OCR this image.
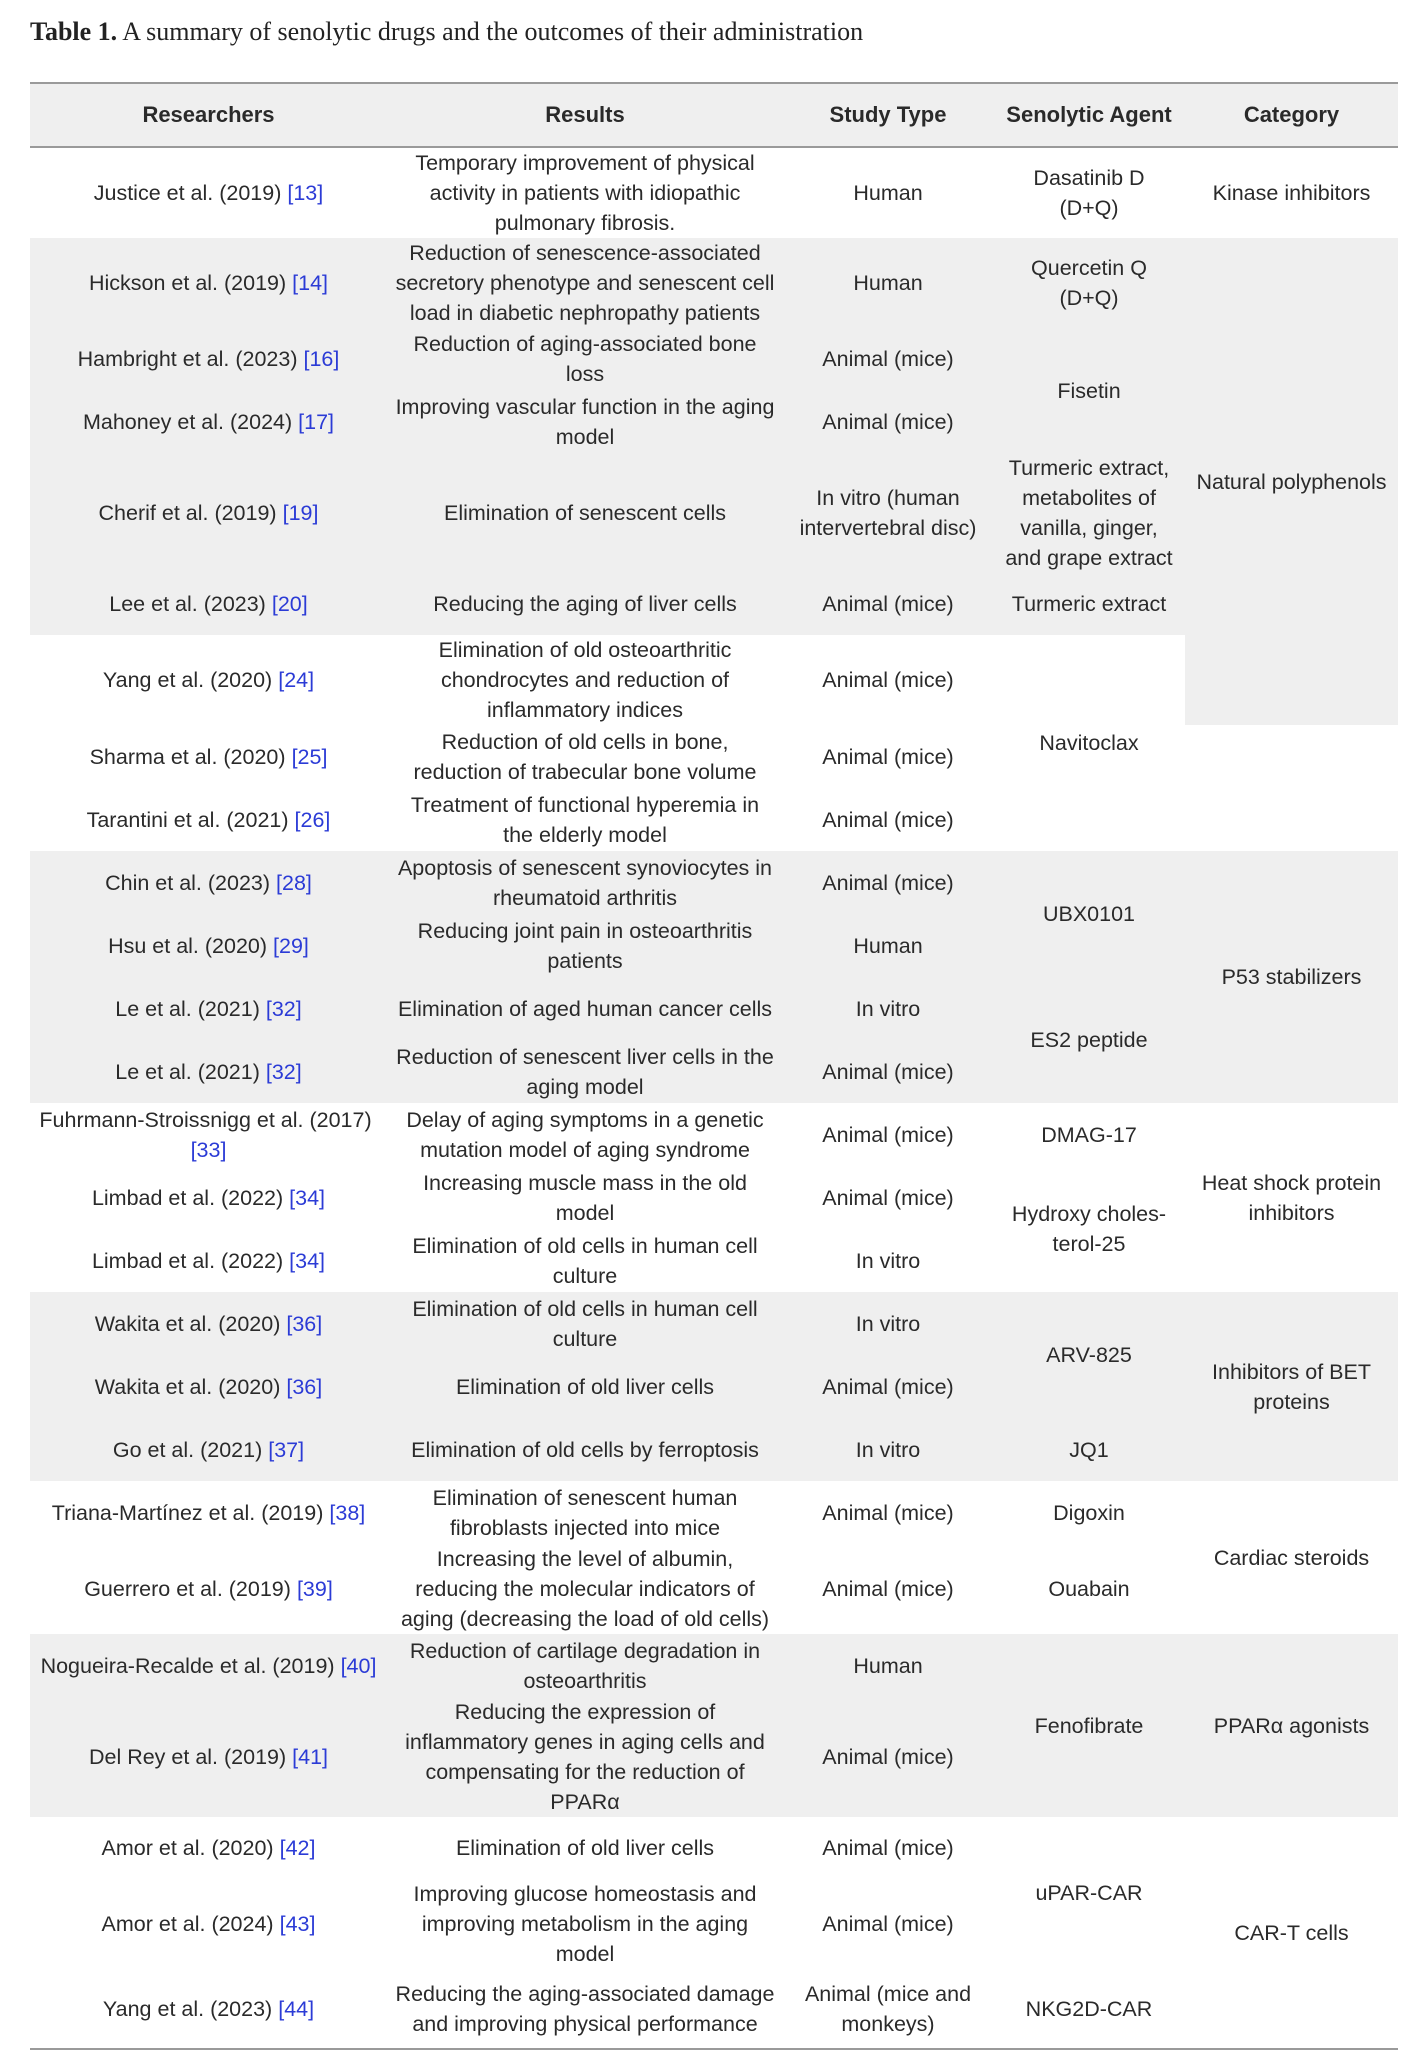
Table 1. A summary of senolytic drugs and the outcomes of their administration
Researchers	Results	Study Type	Senolytic Agent	Category	
Justice et al. (2019) [13]	Temporary improvement of physical activity in patients with idiopathic pulmonary fibrosis.	Human	Dasatinib D (D+Q)	Kinase inhibitors	
Hickson et al. (2019) [14]	Reduction of senescence-associated secretory phenotype and senescent cell load in diabetic nephropathy patients	Human	Quercetin Q (D+Q)	Natural polyphenols	
Hambright et al. (2023) [16]	Reduction of aging-associated bone loss	Animal (mice)	Fisetin		
Mahoney et al. (2024) [17]	Improving vascular function in the aging model	Animal (mice)			
Cherif et al. (2019) [19]	Elimination of senescent cells	In vitro (human intervertebral disc)	Turmeric extract, metabolites of vanilla, ginger, and grape extract		
Lee et al. (2023) [20]	Reducing the aging of liver cells	Animal (mice)	Turmeric extract		
Yang et al. (2020) [24]	Elimination of old osteoarthritic chondrocytes and reduction of inflammatory indices	Animal (mice)	Navitoclax	
Sharma et al. (2020) [25]	Reduction of old cells in bone, reduction of trabecular bone volume	Animal (mice)			
Tarantini et al. (2021) [26]	Treatment of functional hyperemia in the elderly model	Animal (mice)			
Chin et al. (2023) [28]	Apoptosis of senescent synoviocytes in rheumatoid arthritis	Animal (mice)	UBX0101	P53 stabilizers	
Hsu et al. (2020) [29]	Reducing joint pain in osteoarthritis patients	Human			
Le et al. (2021) [32]	Elimination of aged human cancer cells	In vitro	ES2 peptide		
Le et al. (2021) [32]	Reduction of senescent liver cells in the aging model	Animal (mice)			
Fuhrmann-Stroissnigg et al. (2017)[33]	Delay of aging symptoms in a genetic mutation model of aging syndrome	Animal (mice)	DMAG-17	Heat shock protein inhibitors	
Limbad et al. (2022) [34]	Increasing muscle mass in the old model	Animal (mice)	Hydroxy choles-terol-25		
Limbad et al. (2022) [34]	Elimination of old cells in human cell culture	In vitro			
Wakita et al. (2020) [36]	Elimination of old cells in human cell culture	In vitro	ARV-825	Inhibitors of BET proteins	
Wakita et al. (2020) [36]	Elimination of old liver cells	Animal (mice)			
Go et al. (2021) [37]	Elimination of old cells by ferroptosis	In vitro	JQ1		
Triana-Martínez et al. (2019) [38]	Elimination of senescent human fibroblasts injected into mice	Animal (mice)	Digoxin	Cardiac steroids	
Guerrero et al. (2019) [39]	Increasing the level of albumin, reducing the molecular indicators of aging (decreasing the load of old cells)	Animal (mice)	Ouabain		
Nogueira-Recalde et al. (2019) [40]	Reduction of cartilage degradation in osteoarthritis	Human	Fenofibrate	PPARα agonists	
Del Rey et al. (2019) [41]	Reducing the expression of inflammatory genes in aging cells and compensating for the reduction of PPARα	Animal (mice)			
Amor et al. (2020) [42]	Elimination of old liver cells	Animal (mice)	uPAR-CAR	CAR-T cells	
Amor et al. (2024) [43]	Improving glucose homeostasis and improving metabolism in the aging model	Animal (mice)			
Yang et al. (2023) [44]	Reducing the aging-associated damage and improving physical performance	Animal (mice and monkeys)	NKG2D-CAR		
